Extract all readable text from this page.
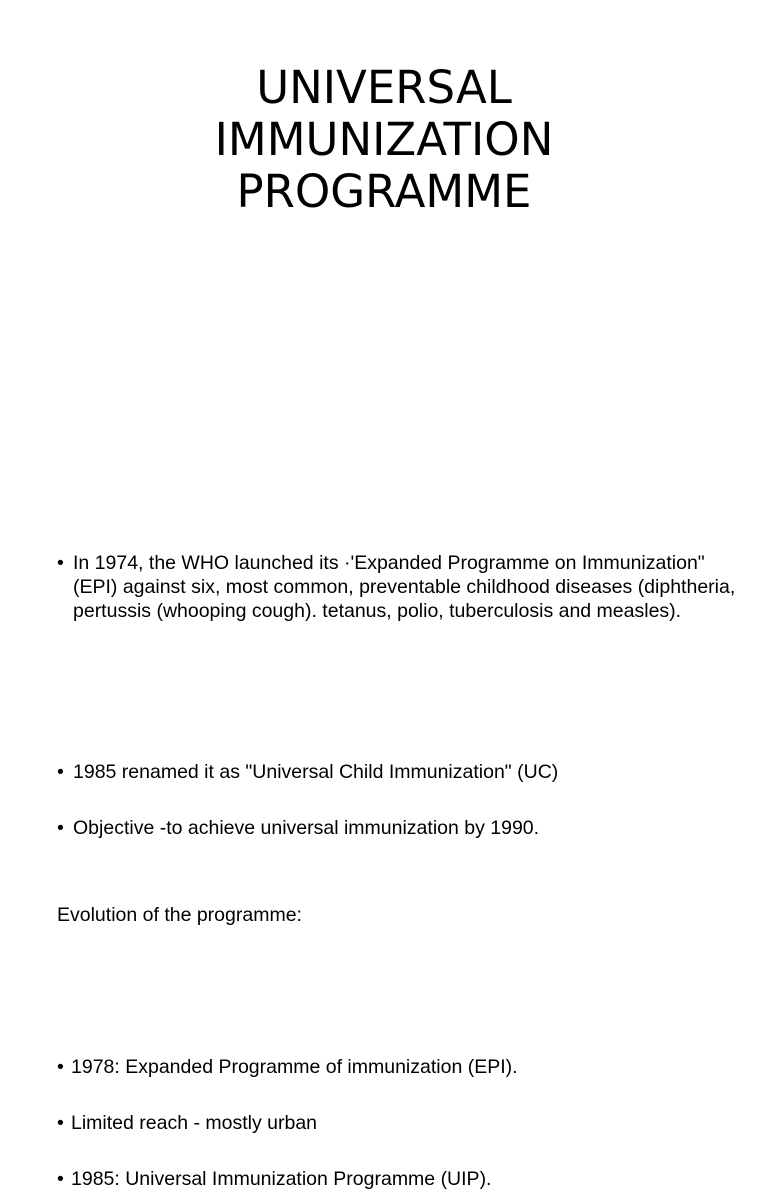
UNIVERSAL
IMMUNIZATION
PROGRAMME
• In 1974, the WHO launched its ·'Expanded Programme on Immunization" (EPI) against six, most common, preventable childhood diseases (diphtheria, pertussis (whooping cough). tetanus, polio, tuberculosis and measles).
• 1985 renamed it as "Universal Child Immunization" (UC)
• Objective -to achieve universal immunization by 1990.
Evolution of the programme:
• 1978: Expanded Programme of immunization (EPI).
• Limited reach - mostly urban
• 1985: Universal Immunization Programme (UIP).
